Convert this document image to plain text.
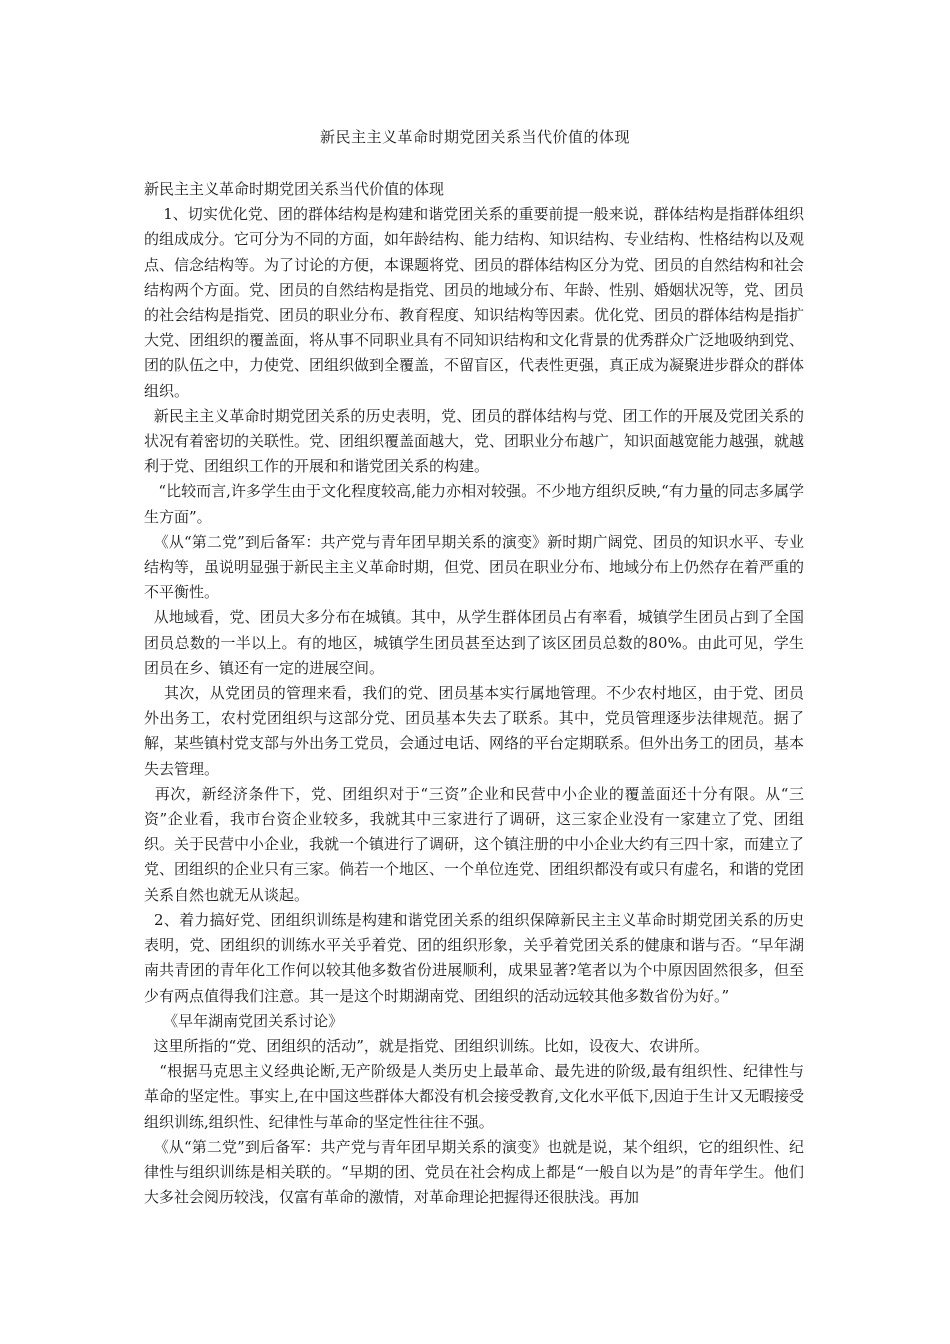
新民主主义革命时期党团关系当代价值的体现

新民主主义革命时期党团关系当代价值的体现

1、切实优化党、团的群体结构是构建和谐党团关系的重要前提一般来说，群体结构是指群体组织的组成成分。它可分为不同的方面，如年龄结构、能力结构、知识结构、专业结构、性格结构以及观点、信念结构等。为了讨论的方便，本课题将党、团员的群体结构区分为党、团员的自然结构和社会结构两个方面。党、团员的自然结构是指党、团员的地域分布、年龄、性别、婚姻状况等，党、团员的社会结构是指党、团员的职业分布、教育程度、知识结构等因素。优化党、团员的群体结构是指扩大党、团组织的覆盖面，将从事不同职业具有不同知识结构和文化背景的优秀群众广泛地吸纳到党、团的队伍之中，力使党、团组织做到全覆盖，不留盲区，代表性更强，真正成为凝聚进步群众的群体组织。

新民主主义革命时期党团关系的历史表明，党、团员的群体结构与党、团工作的开展及党团关系的状况有着密切的关联性。党、团组织覆盖面越大，党、团职业分布越广，知识面越宽能力越强，就越利于党、团组织工作的开展和和谐党团关系的构建。

“比较而言,许多学生由于文化程度较高,能力亦相对较强。不少地方组织反映,“有力量的同志多属学生方面”。

《从“第二党”到后备军：共产党与青年团早期关系的演变》新时期广阔党、团员的知识水平、专业结构等，虽说明显强于新民主主义革命时期，但党、团员在职业分布、地域分布上仍然存在着严重的不平衡性。

从地域看，党、团员大多分布在城镇。其中，从学生群体团员占有率看，城镇学生团员占到了全国团员总数的一半以上。有的地区，城镇学生团员甚至达到了该区团员总数的80%。由此可见，学生团员在乡、镇还有一定的进展空间。

其次，从党团员的管理来看，我们的党、团员基本实行属地管理。不少农村地区，由于党、团员外出务工，农村党团组织与这部分党、团员基本失去了联系。其中，党员管理逐步法律规范。据了解，某些镇村党支部与外出务工党员，会通过电话、网络的平台定期联系。但外出务工的团员，基本失去管理。

再次，新经济条件下，党、团组织对于“三资”企业和民营中小企业的覆盖面还十分有限。从“三资”企业看，我市台资企业较多，我就其中三家进行了调研，这三家企业没有一家建立了党、团组织。关于民营中小企业，我就一个镇进行了调研，这个镇注册的中小企业大约有三四十家，而建立了党、团组织的企业只有三家。倘若一个地区、一个单位连党、团组织都没有或只有虚名，和谐的党团关系自然也就无从谈起。

2、着力搞好党、团组织训练是构建和谐党团关系的组织保障新民主主义革命时期党团关系的历史表明，党、团组织的训练水平关乎着党、团的组织形象，关乎着党团关系的健康和谐与否。“早年湖南共青团的青年化工作何以较其他多数省份进展顺利，成果显著?笔者以为个中原因固然很多，但至少有两点值得我们注意。其一是这个时期湖南党、团组织的活动远较其他多数省份为好。”

《早年湖南党团关系讨论》

这里所指的“党、团组织的活动”，就是指党、团组织训练。比如，设夜大、农讲所。

“根据马克思主义经典论断,无产阶级是人类历史上最革命、最先进的阶级,最有组织性、纪律性与革命的坚定性。事实上,在中国这些群体大都没有机会接受教育,文化水平低下,因迫于生计又无暇接受组织训练,组织性、纪律性与革命的坚定性往往不强。

《从“第二党”到后备军：共产党与青年团早期关系的演变》也就是说，某个组织，它的组织性、纪律性与组织训练是相关联的。“早期的团、党员在社会构成上都是“一般自以为是”的青年学生。他们大多社会阅历较浅，仅富有革命的激情，对革命理论把握得还很肤浅。再加
